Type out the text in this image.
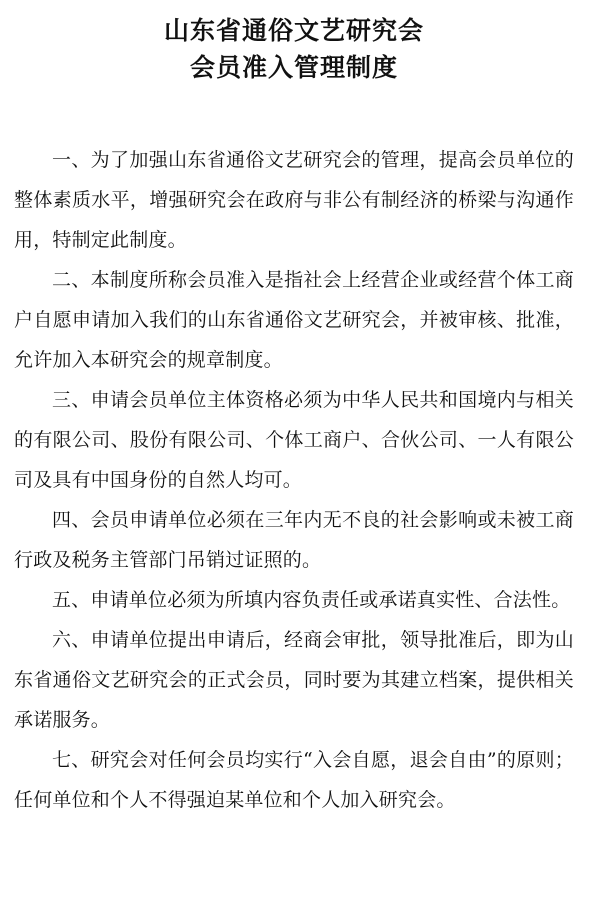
山东省通俗文艺研究会
会员准入管理制度

一、为了加强山东省通俗文艺研究会的管理，提高会员单位的整体素质水平，增强研究会在政府与非公有制经济的桥梁与沟通作用，特制定此制度。

二、本制度所称会员准入是指社会上经营企业或经营个体工商户自愿申请加入我们的山东省通俗文艺研究会，并被审核、批准，允许加入本研究会的规章制度。

三、申请会员单位主体资格必须为中华人民共和国境内与相关的有限公司、股份有限公司、个体工商户、合伙公司、一人有限公司及具有中国身份的自然人均可。

四、会员申请单位必须在三年内无不良的社会影响或未被工商行政及税务主管部门吊销过证照的。

五、申请单位必须为所填内容负责任或承诺真实性、合法性。

六、申请单位提出申请后，经商会审批，领导批准后，即为山东省通俗文艺研究会的正式会员，同时要为其建立档案，提供相关承诺服务。

七、研究会对任何会员均实行“入会自愿，退会自由”的原则；任何单位和个人不得强迫某单位和个人加入研究会。
